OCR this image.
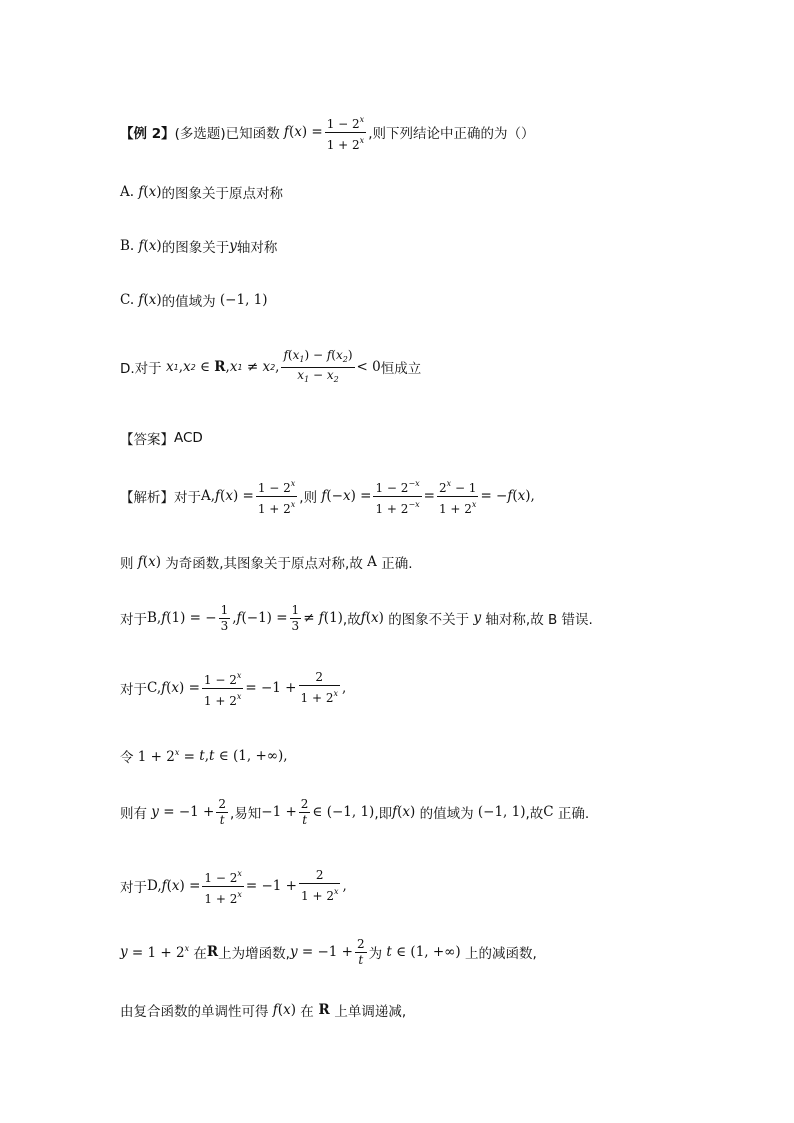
【例 2】 (多选题)已知函数 f ( x ) = $\frac{1 - 2^x}{1 + 2^x}$ ,则下列结论中正确的为（）
A. f ( x ) 的图象关于原点对称
B. f ( x ) 的图象关于 y 轴对称
C. f ( x ) 的值域为 (−1, 1)
D.对于 x 1 , x 2 ∈ R , x 1 ≠ x 2 , $\frac{f(x_1) - f(x_2)}{x_1 - x_2} < 0$ 恒成立
【答案】 ACD
【解析】 对于 A, f ( x ) = $\frac{1 - 2^x}{1 + 2^x}$ ,则 f (− x ) = $\frac{1 - 2^{-x}}{1 + 2^{-x}} = \frac{2^x - 1}{1 + 2^x}$ = − f ( x ),
则 f ( x ) 为奇函数,其图象关于原点对称,故
A
正确.
对于 B, f (1) = − $\frac{1}{3}$ , f $(-1) = \frac{1}{3} \ne f$ (1) ,故 f ( x ) 的图象不关于 y 轴对称,故 B 错误.
对于 C, f ( x ) = $\frac{1 - 2^x}{1 + 2^x} = -1 + \frac{2}{1 + 2^x}$ ,
令 $1 + 2^x = t$ , t ∈ (1, +∞),
则有 $y = -1 + \frac{2}{t}$ ,易知 $-1 + \frac{2}{t}$ ∈ (−1, 1) ,即 f ( x ) 的值域为 (−1, 1) ,故 C
正确.
对于 D, f ( x ) = $\frac{1 - 2^x}{1 + 2^x} = -1 + \frac{2}{1 + 2^x}$ ,
$y = 1 + 2^x$ 在 R 上为增函数, $y = -1 + \frac{2}{t}$ 为 t ∈ (1, +∞) 上的减函数,
由复合函数的单调性可得 f ( x ) 在 R 上单调递减,
